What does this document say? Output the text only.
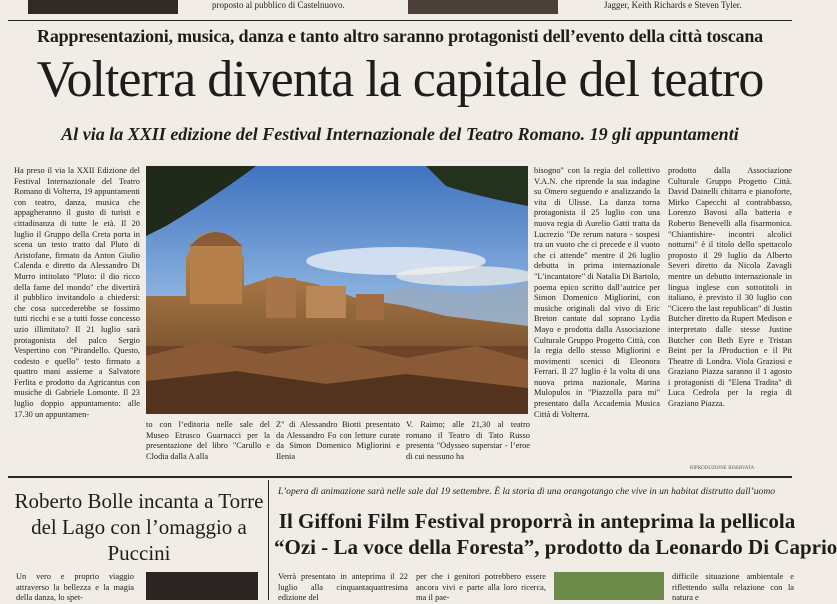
proposto al pubblico di Castelnuovo.	Jagger, Keith Richards e Steven Tyler.
Rappresentazioni, musica, danza e tanto altro saranno protagonisti dell’evento della città toscana
Volterra diventa la capitale del teatro
Al via la XXII edizione del Festival Internazionale del Teatro Romano. 19 gli appuntamenti
Ha preso il via la XXII Edizione del Festival Internazionale del Teatro Romano di Volterra, 19 appuntamenti con teatro, danza, musica che appagheranno il gusto di turisti e cittadinanza di tutte le età. Il 20 luglio il Gruppo della Creta porta in scena un testo tratto dal Pluto di Aristofane, firmato da Anton Giulio Calenda e diretto da Alessandro Di Murro intitolato "Pluto: il dio ricco della fame del mondo" che divertirà il pubblico invitandolo a chiedersi: che cosa succederebbe se fossimo tutti ricchi e se a tutti fosse concesso uzio illimitato? Il 21 luglio sarà protagonista del palco Sergio Vespertino con "Pirandello. Questo, codesto e quello" testo firmato a quattro mani assieme a Salvatore Ferlita e prodotto da Agricantus con musiche di Gabriele Lomonte. Il 23 luglio doppio appuntamento: alle 17.30 un appuntamen-
bisogno" con la regia del collettivo V.A.N. che riprende la sua indagine su Omero seguendo e analizzando la vita di Ulisse. La danza torna protagonista il 25 luglio con una nuova regia di Aurelio Gatti tratta da Lucrezio "De rerum natura - sospesi tra un vuoto che ci precede e il vuoto che ci attende" mentre il 26 luglio debutta in prima internazionale "L’incantatore" di Natalia Di Bartolo, poema epico scritto dall’autrice per Simon Domenico Migliorini, con musiche originali dal vivo di Eric Breton cantate dal soprano Lydia Mayo e prodotta dalla Associazione Culturale Gruppo Progetto Città, con la regia dello stesso Migliorini e movimenti scenici di Eleonora Ferrari. Il 27 luglio è la volta di una nuova prima nazionale, Marina Mulopulos in "Piazzolla para mi" presentato dalla Accademia Musica Città di Volterra.
prodotto dalla Associazione Culturale Gruppo Progetto Città. David Dainelli chitarra e pianoforte, Mirko Capecchi al contrabbasso, Lorenzo Bavosi alla batteria e Roberto Benevelli alla fisarmonica. "Chiantishire- incontri alcolici notturni" è il titolo dello spettacolo proposto il 29 luglio da Alberto Severi diretto da Nicola Zavagli mentre un debutto internazionale in lingua inglese con sottotitoli in italiano, è previsto il 30 luglio con "Cicero the last republican" di Justin Butcher diretto da Rupert Medison e interpretato dalle stesse Justine Butcher con Beth Eyre e Tristan Beint per la JProduction e il Pit Theatre di Londra. Viola Graziosi e Graziano Piazza saranno il 1 agosto i protagonisti di "Elena Tradita" di Luca Cedrola per la regia di Graziano Piazza.
to con l’editoria nelle sale del Museo Etrusco Guarnacci per la presentazione del libro "Carullo e Clodia dalla A alla
Z" di Alessandro Biotti presentato da Alessandro Fo con letture curate da Simon Domenico Migliorini e Ilenia
V. Raimo; alle 21,30 al teatro romano il Teatro di Tato Russo presenta "Odysseo superstar - l’eroe di cui nessuno ha
RIPRODUZIONE RISERVATA
Roberto Bolle incanta a Torre del Lago con l’omaggio a Puccini
Un vero e proprio viaggio attraverso la bellezza e la magia della danza, lo spet-
L’opera di animazione sarà nelle sale dal 19 settembre. È la storia di una orangotango che vive in un habitat distrutto dall’uomo
Il Giffoni Film Festival proporrà in anteprima la pellicola
“Ozi - La voce della Foresta”, prodotto da Leonardo Di Caprio
Verrà presentato in anteprima il 22 luglio alla cinquantaquattresima edizione del
per che i genitori potrebbero essere ancora vivi e parte alla loro ricerca, ma il pae-
difficile situazione ambientale e riflettendo sulla relazione con la natura e
